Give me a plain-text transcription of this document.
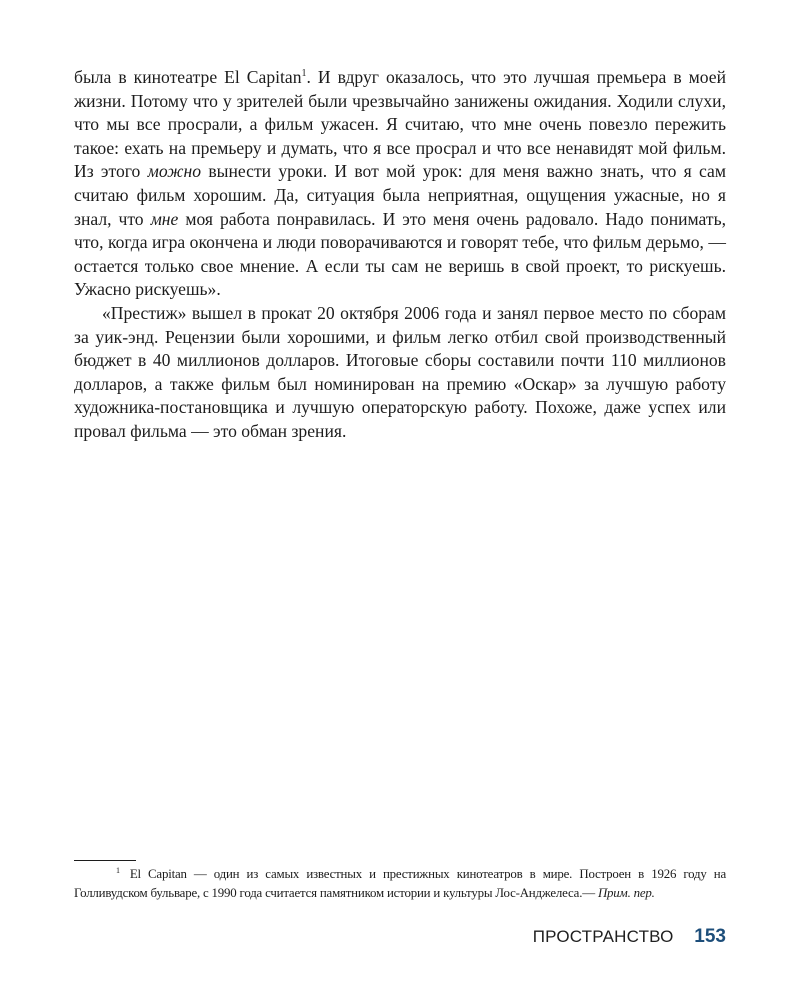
была в кинотеатре El Capitan$^1$. И вдруг оказалось, что это лучшая премьера в моей жизни. Потому что у зрителей были чрезвычайно занижены ожидания. Ходили слухи, что мы все просрали, а фильм ужасен. Я считаю, что мне очень повезло пережить такое: ехать на премьеру и думать, что я все просрал и что все ненавидят мой фильм. Из этого можно вынести уроки. И вот мой урок: для меня важно знать, что я сам считаю фильм хорошим. Да, ситуация была неприятная, ощущения ужасные, но я знал, что мне моя работа понравилась. И это меня очень радовало. Надо понимать, что, когда игра окончена и люди поворачиваются и говорят тебе, что фильм дерьмо, — остается только свое мнение. А если ты сам не веришь в свой проект, то рискуешь. Ужасно рискуешь».

«Престиж» вышел в прокат 20 октября 2006 года и занял первое место по сборам за уик-энд. Рецензии были хорошими, и фильм легко отбил свой производственный бюджет в 40 миллионов долларов. Итоговые сборы составили почти 110 миллионов долларов, а также фильм был номинирован на премию «Оскар» за лучшую работу художника-постановщика и лучшую операторскую работу. Похоже, даже успех или провал фильма — это обман зрения.

$^1$ El Capitan — один из самых известных и престижных кинотеатров в мире. Построен в 1926 году на Голливудском бульваре, с 1990 года считается памятником истории и культуры Лос-Анджелеса.— Прим. пер.

ПРОСТРАНСТВО 153
